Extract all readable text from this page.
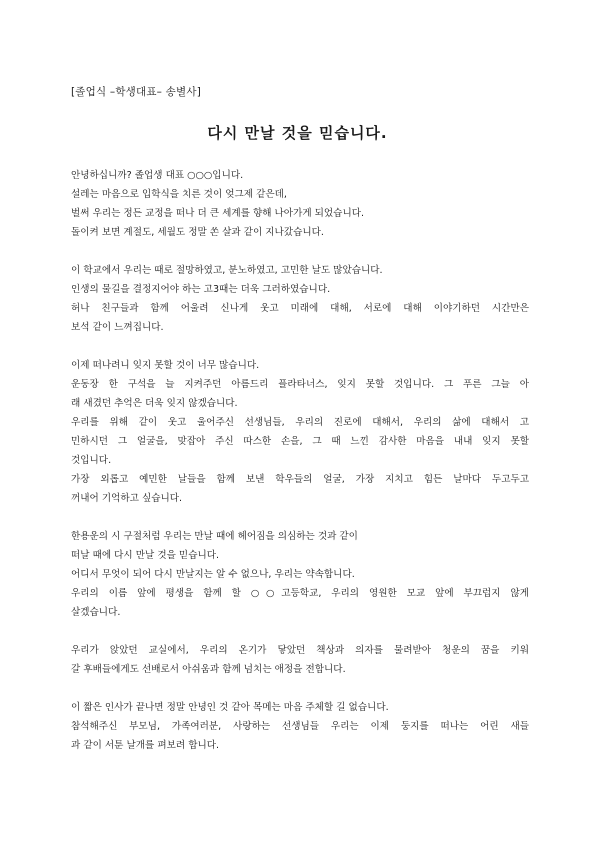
[졸업식 –학생대표– 송별사]
다시 만날 것을 믿습니다.
안녕하십니까? 졸업생 대표 ○○○입니다.
설레는 마음으로 입학식을 치른 것이 엊그제 같은데,
벌써 우리는 정든 교정을 떠나 더 큰 세계를 향해 나아가게 되었습니다.
돌이켜 보면 계절도, 세월도 정말 쏜 살과 같이 지나갔습니다.
이 학교에서 우리는 때로 절망하였고, 분노하였고, 고민한 날도 많았습니다.
인생의 물길을 결정지어야 하는 고3때는 더욱 그러하였습니다.
허나 친구들과 함께 어울려 신나게 웃고 미래에 대해, 서로에 대해 이야기하던 시간만은
보석 같이 느껴집니다.
이제 떠나려니 잊지 못할 것이 너무 많습니다.
운동장 한 구석을 늘 지켜주던 아름드리 플라타너스, 잊지 못할 것입니다. 그 푸른 그늘 아
래 새겼던 추억은 더욱 잊지 않겠습니다.
우리를 위해 같이 웃고 울어주신 선생님들, 우리의 진로에 대해서, 우리의 삶에 대해서 고
민하시던 그 얼굴을, 맞잡아 주신 따스한 손을, 그 때 느낀 감사한 마음을 내내 잊지 못할
것입니다.
가장 외롭고 예민한 날들을 함께 보낸 학우들의 얼굴, 가장 지치고 힘든 날마다 두고두고
꺼내어 기억하고 싶습니다.
한용운의 시 구절처럼 우리는 만날 때에 헤어짐을 의심하는 것과 같이
떠날 때에 다시 만날 것을 믿습니다.
어디서 무엇이 되어 다시 만날지는 알 수 없으나, 우리는 약속합니다.
우리의 이름 앞에 평생을 함께 할 ○○고등학교, 우리의 영원한 모교 앞에 부끄럽지 않게
살겠습니다.
우리가 앉았던 교실에서, 우리의 온기가 닿았던 책상과 의자를 물려받아 청운의 꿈을 키워
갈 후배들에게도 선배로서 아쉬움과 함께 넘치는 애정을 전합니다.
이 짧은 인사가 끝나면 정말 안녕인 것 같아 목메는 마음 주체할 길 없습니다.
참석해주신 부모님, 가족여러분, 사랑하는 선생님들 우리는 이제 둥지를 떠나는 어린 새들
과 같이 서툰 날개를 펴보려 합니다.
